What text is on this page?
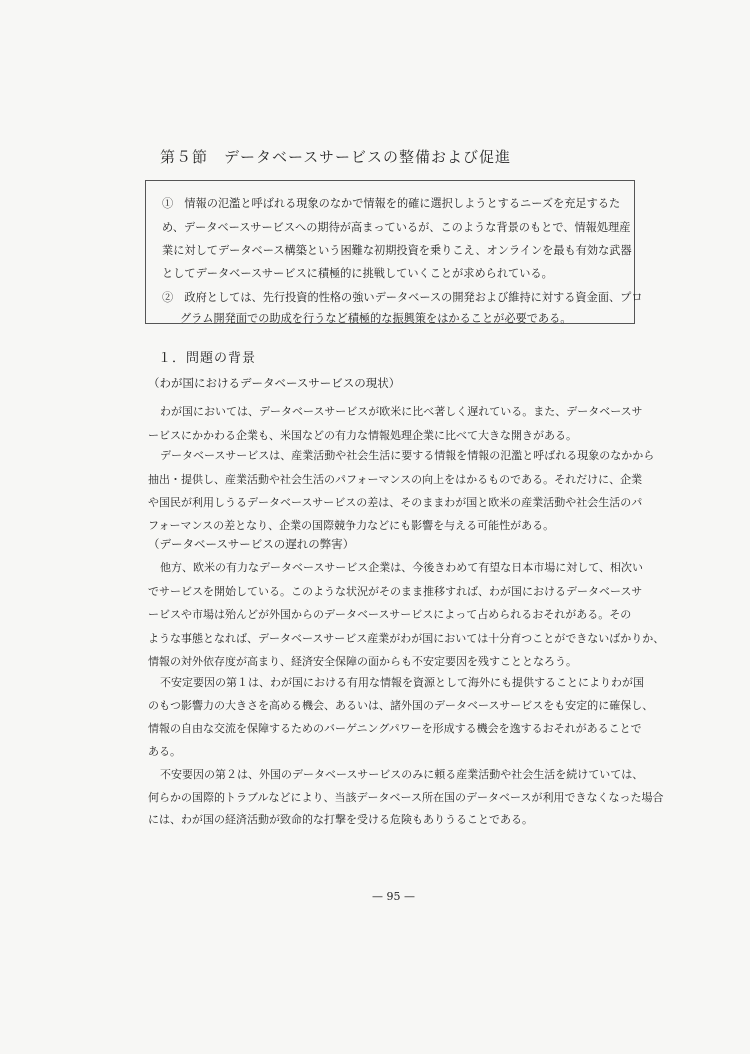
第５節　データベースサービスの整備および促進
①　情報の氾濫と呼ばれる現象のなかで情報を的確に選択しようとするニーズを充足するた
め、データベースサービスへの期待が高まっているが、このような背景のもとで、情報処理産
業に対してデータベース構築という困難な初期投資を乗りこえ、オンラインを最も有効な武器
としてデータベースサービスに積極的に挑戦していくことが求められている。
②　政府としては、先行投資的性格の強いデータベースの開発および維持に対する資金面、プロ
グラム開発面での助成を行うなど積極的な振興策をはかることが必要である。
１．問題の背景
（わが国におけるデータベースサービスの現状）
わが国においては、データベースサービスが欧米に比べ著しく遅れている。また、データベースサ
ービスにかかわる企業も、米国などの有力な情報処理企業に比べて大きな開きがある。
データベースサービスは、産業活動や社会生活に要する情報を情報の氾濫と呼ばれる現象のなかから
抽出・提供し、産業活動や社会生活のパフォーマンスの向上をはかるものである。それだけに、企業
や国民が利用しうるデータベースサービスの差は、そのままわが国と欧米の産業活動や社会生活のパ
フォーマンスの差となり、企業の国際競争力などにも影響を与える可能性がある。
（データベースサービスの遅れの弊害）
他方、欧米の有力なデータベースサービス企業は、今後きわめて有望な日本市場に対して、相次い
でサービスを開始している。このような状況がそのまま推移すれば、わが国におけるデータベースサ
ービスや市場は殆んどが外国からのデータベースサービスによって占められるおそれがある。その
ような事態となれば、データベースサービス産業がわが国においては十分育つことができないばかりか、
情報の対外依存度が高まり、経済安全保障の面からも不安定要因を残すこととなろう。
不安定要因の第１は、わが国における有用な情報を資源として海外にも提供することによりわが国
のもつ影響力の大きさを高める機会、あるいは、諸外国のデータベースサービスをも安定的に確保し、
情報の自由な交流を保障するためのバーゲニングパワーを形成する機会を逸するおそれがあることで
ある。
不安要因の第２は、外国のデータベースサービスのみに頼る産業活動や社会生活を続けていては、
何らかの国際的トラブルなどにより、当該データベース所在国のデータベースが利用できなくなった場合
には、わが国の経済活動が致命的な打撃を受ける危険もありうることである。
— 95 —
